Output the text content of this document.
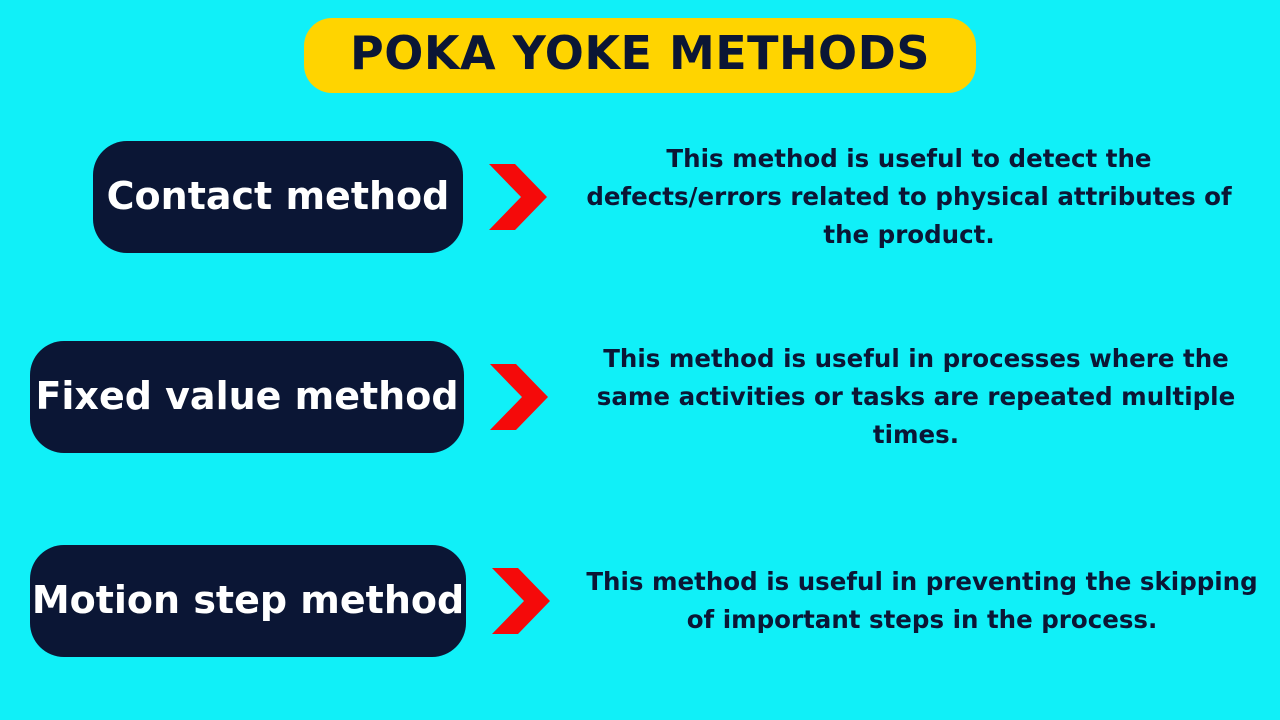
POKA YOKE METHODS
Contact method
This method is useful to detect the defects/errors related to physical attributes of the product.
Fixed value method
This method is useful in processes where the same activities or tasks are repeated multiple times.
Motion step method	This method is useful in preventing the skipping of important steps in the process.
